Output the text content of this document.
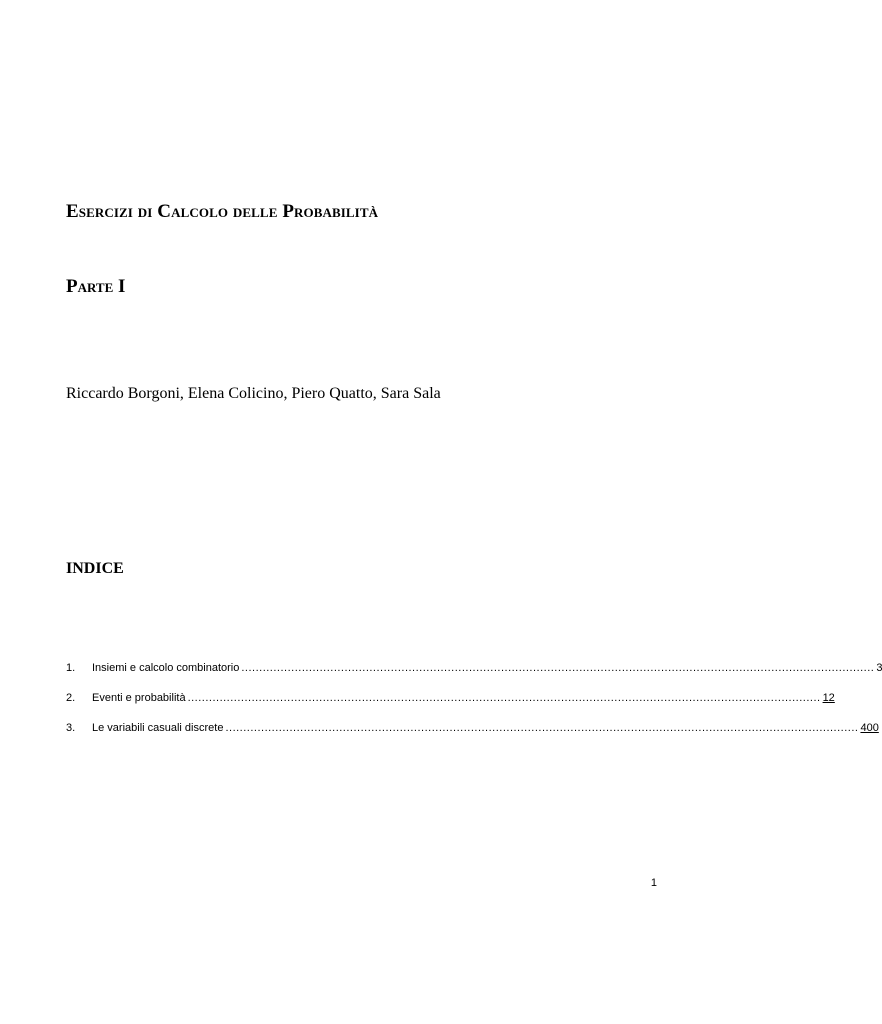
Esercizi di Calcolo delle Probabilità
Parte I
Riccardo Borgoni, Elena Colicino, Piero Quatto, Sara Sala
INDICE
1.	Insiemi e calcolo combinatorio .................................................................................................................................................................................. 3
2.	Eventi e probabilità .................................................................................................................................................................................. 12
3.	Le variabili casuali discrete .................................................................................................................................................................................. 400
1
